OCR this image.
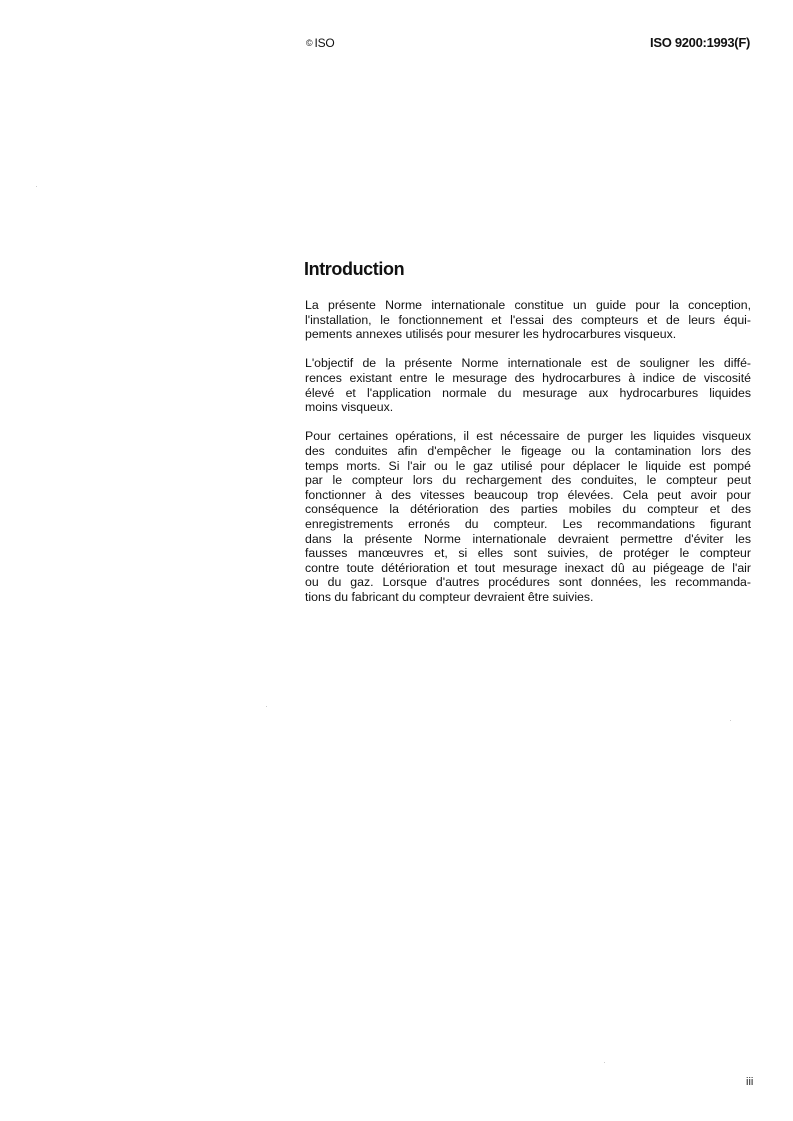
© ISO	ISO 9200:1993(F)
Introduction

La présente Norme internationale constitue un guide pour la conception,
l'installation, le fonctionnement et l'essai des compteurs et de leurs équi-
pements annexes utilisés pour mesurer les hydrocarbures visqueux.

L'objectif de la présente Norme internationale est de souligner les diffé-
rences existant entre le mesurage des hydrocarbures à indice de viscosité
élevé et l'application normale du mesurage aux hydrocarbures liquides
moins visqueux.

Pour certaines opérations, il est nécessaire de purger les liquides visqueux
des conduites afin d'empêcher le figeage ou la contamination lors des
temps morts. Si l'air ou le gaz utilisé pour déplacer le liquide est pompé
par le compteur lors du rechargement des conduites, le compteur peut
fonctionner à des vitesses beaucoup trop élevées. Cela peut avoir pour
conséquence la détérioration des parties mobiles du compteur et des
enregistrements erronés du compteur. Les recommandations figurant
dans la présente Norme internationale devraient permettre d'éviter les
fausses manœuvres et, si elles sont suivies, de protéger le compteur
contre toute détérioration et tout mesurage inexact dû au piégeage de l'air
ou du gaz. Lorsque d'autres procédures sont données, les recommanda-
tions du fabricant du compteur devraient être suivies.

iii
